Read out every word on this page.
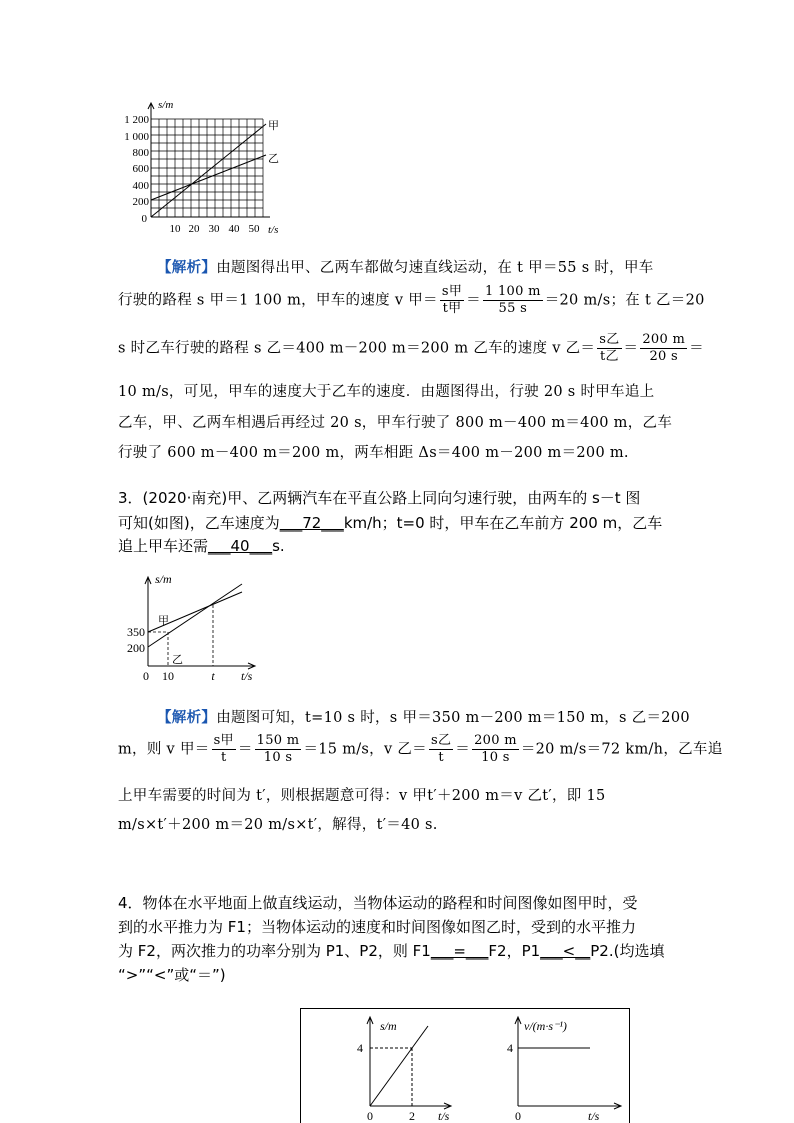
s/m
1 200
1 000
800
600
400
200
0
10 20 30 40 50 t/s
甲
乙
【解析】由题图得出甲、乙两车都做匀速直线运动，在 t 甲＝55 s 时，甲车
行驶的路程 s 甲＝1 100 m，甲车的速度 v 甲＝ $\frac{\text{s甲}}{\text{t甲}} = \frac{1 100 m}{55 s} =20$ m/s；在 t 乙＝20
s 时乙车行驶的路程 s 乙＝400 m－200 m＝200 m 乙车的速度 v 乙＝ $\frac{\text{s乙}}{\text{t乙}} = \frac{200 m}{20 s}$ ＝
10 m/s，可见，甲车的速度大于乙车的速度．由题图得出，行驶 20 s 时甲车追上
乙车，甲、乙两车相遇后再经过 20 s，甲车行驶了 800 m－400 m＝400 m，乙车
行驶了 600 m－400 m＝200 m，两车相距 Δs＝400 m－200 m＝200 m.
3．(2020·南充)甲、乙两辆汽车在平直公路上同向匀速行驶，由两车的 s－t 图
可知(如图)，乙车速度为___72___km/h；t=0 时，甲车在乙车前方 200 m，乙车
追上甲车还需___40___s.
s/m
350
200
0 10	t t/s
甲
乙
【解析】由题图可知，t=10 s 时，s 甲＝350 m－200 m＝150 m，s 乙＝200
m，则 v 甲＝ $\frac{\text{s甲}}{t} = \frac{150 m}{10 s} =15$ m/s，v 乙＝ $\frac{\text{s乙}}{t} = \frac{200 m}{10 s} =20$ m/s＝72 km/h，乙车追
上甲车需要的时间为 t′，则根据题意可得：v 甲t′＋200 m＝v 乙t′，即 15
m/s×t′＋200 m＝20 m/s×t′，解得，t′＝40 s.
4．物体在水平地面上做直线运动，当物体运动的路程和时间图像如图甲时，受
到的水平推力为 F1；当物体运动的速度和时间图像如图乙时，受到的水平推力
为 F2，两次推力的功率分别为 P1、P2，则 F1___=___F2，P1___<__P2.(均选填
“>”“<”或“＝”)
s/m
4
0	2 t/s
v/(m·s⁻¹)
4
0	t/s
